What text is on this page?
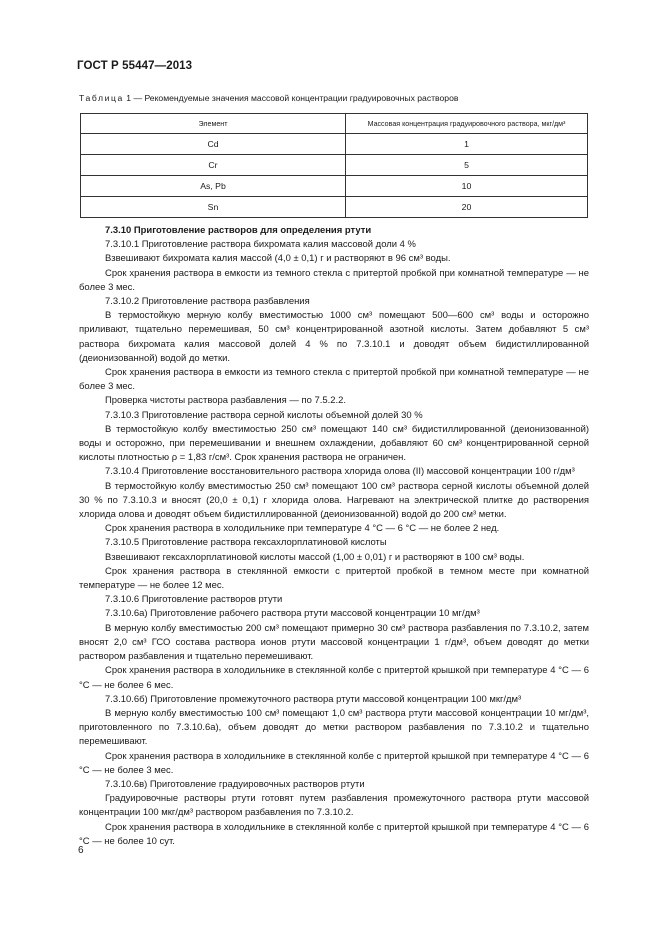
ГОСТ Р 55447—2013
Таблица 1 — Рекомендуемые значения массовой концентрации градуировочных растворов
Элемент	Массовая концентрация градуировочного раствора, мкг/дм³
Cd	1
Cr	5
As, Pb	10
Sn	20

7.3.10 Приготовление растворов для определения ртути

7.3.10.1 Приготовление раствора бихромата калия массовой доли 4 %

Взвешивают бихромата калия массой (4,0 ± 0,1) г и растворяют в 96 см³ воды.

Срок хранения раствора в емкости из темного стекла с притертой пробкой при комнатной температуре — не более 3 мес.

7.3.10.2 Приготовление раствора разбавления

В термостойкую мерную колбу вместимостью 1000 см³ помещают 500—600 см³ воды и осторожно приливают, тщательно перемешивая, 50 см³ концентрированной азотной кислоты. Затем добавляют 5 см³ раствора бихромата калия массовой долей 4 % по 7.3.10.1 и доводят объем бидистиллированной (деионизованной) водой до метки.

Срок хранения раствора в емкости из темного стекла с притертой пробкой при комнатной температуре — не более 3 мес.

Проверка чистоты раствора разбавления — по 7.5.2.2.

7.3.10.3 Приготовление раствора серной кислоты объемной долей 30 %

В термостойкую колбу вместимостью 250 см³ помещают 140 см³ бидистиллированной (деионизованной) воды и осторожно, при перемешивании и внешнем охлаждении, добавляют 60 см³ концентрированной серной кислоты плотностью ρ = 1,83 г/см³. Срок хранения раствора не ограничен.

7.3.10.4 Приготовление восстановительного раствора хлорида олова (II) массовой концентрации 100 г/дм³

В термостойкую колбу вместимостью 250 см³ помещают 100 см³ раствора серной кислоты объемной долей 30 % по 7.3.10.3 и вносят (20,0 ± 0,1) г хлорида олова. Нагревают на электрической плитке до растворения хлорида олова и доводят объем бидистиллированной (деионизованной) водой до 200 см³ метки.

Срок хранения раствора в холодильнике при температуре 4 °С — 6 °С — не более 2 нед.

7.3.10.5 Приготовление раствора гексахлорплатиновой кислоты

Взвешивают гексахлорплатиновой кислоты массой (1,00 ± 0,01) г и растворяют в 100 см³ воды.

Срок хранения раствора в стеклянной емкости с притертой пробкой в темном месте при комнатной температуре — не более 12 мес.

7.3.10.6 Приготовление растворов ртути

7.3.10.6а) Приготовление рабочего раствора ртути массовой концентрации 10 мг/дм³

В мерную колбу вместимостью 200 см³ помещают примерно 30 см³ раствора разбавления по 7.3.10.2, затем вносят 2,0 см³ ГСО состава раствора ионов ртути массовой концентрации 1 г/дм³, объем доводят до метки раствором разбавления и тщательно перемешивают.

Срок хранения раствора в холодильнике в стеклянной колбе с притертой крышкой при температуре 4 °С — 6 °С — не более 6 мес.

7.3.10.6б) Приготовление промежуточного раствора ртути массовой концентрации 100 мкг/дм³

В мерную колбу вместимостью 100 см³ помещают 1,0 см³ раствора ртути массовой концентрации 10 мг/дм³, приготовленного по 7.3.10.6а), объем доводят до метки раствором разбавления по 7.3.10.2 и тщательно перемешивают.

Срок хранения раствора в холодильнике в стеклянной колбе с притертой крышкой при температуре 4 °С — 6 °С — не более 3 мес.

7.3.10.6в) Приготовление градуировочных растворов ртути

Градуировочные растворы ртути готовят путем разбавления промежуточного раствора ртути массовой концентрации 100 мкг/дм³ раствором разбавления по 7.3.10.2.

Срок хранения раствора в холодильнике в стеклянной колбе с притертой крышкой при температуре 4 °С — 6 °С — не более 10 сут.

6
